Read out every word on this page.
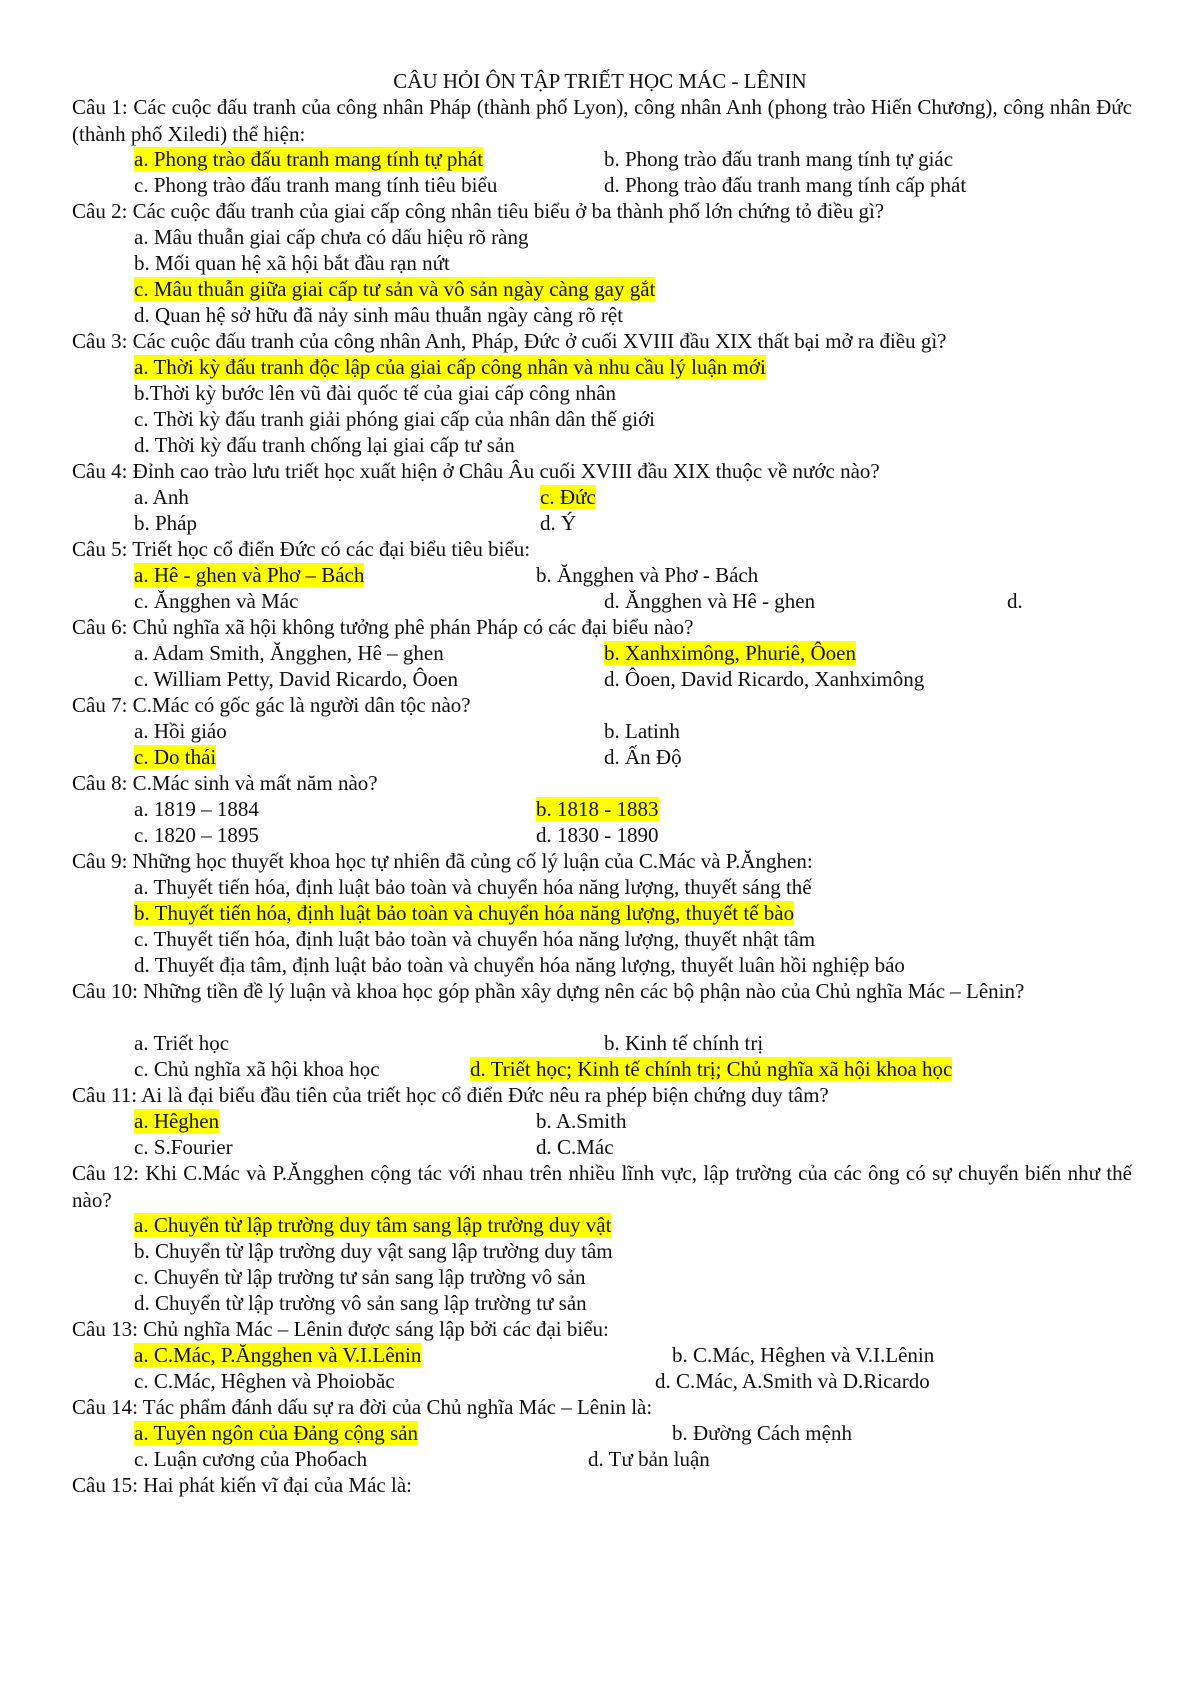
CÂU HỎI ÔN TẬP TRIẾT HỌC MÁC - LÊNIN
Câu 1: Các cuộc đấu tranh của công nhân Pháp (thành phố Lyon), công nhân Anh (phong trào Hiến Chương), công nhân Đức (thành phố Xiledi) thể hiện:
a. Phong trào đấu tranh mang tính tự phát	b. Phong trào đấu tranh mang tính tự giác
c. Phong trào đấu tranh mang tính tiêu biểu	d. Phong trào đấu tranh mang tính cấp phát
Câu 2: Các cuộc đấu tranh của giai cấp công nhân tiêu biểu ở ba thành phố lớn chứng tỏ điều gì?
a. Mâu thuẫn giai cấp chưa có dấu hiệu rõ ràng
b. Mối quan hệ xã hội bắt đầu rạn nứt
c. Mâu thuẫn giữa giai cấp tư sản và vô sản ngày càng gay gắt
d. Quan hệ sở hữu đã nảy sinh mâu thuẫn ngày càng rõ rệt
Câu 3: Các cuộc đấu tranh của công nhân Anh, Pháp, Đức ở cuối XVIII đầu XIX thất bại mở ra điều gì?
a. Thời kỳ đấu tranh độc lập của giai cấp công nhân và nhu cầu lý luận mới
b.Thời kỳ bước lên vũ đài quốc tế của giai cấp công nhân
c. Thời kỳ đấu tranh giải phóng giai cấp của nhân dân thế giới
d. Thời kỳ đấu tranh chống lại giai cấp tư sản
Câu 4: Đỉnh cao trào lưu triết học xuất hiện ở Châu Âu cuối XVIII đầu XIX thuộc về nước nào?
a. Anh	c. Đức
b. Pháp	d. Ý
Câu 5: Triết học cổ điển Đức có các đại biểu tiêu biểu:
a. Hê - ghen và Phơ – Bách	b. Ăngghen và Phơ - Bách
c. Ăngghen và Mác	d. Ăngghen và Hê - ghen	d.
Câu 6: Chủ nghĩa xã hội không tưởng phê phán Pháp có các đại biểu nào?
a. Adam Smith, Ăngghen, Hê – ghen	b. Xanhximông, Phuriê, Ôoen
c. William Petty, David Ricardo, Ôoen	d. Ôoen, David Ricardo, Xanhximông
Câu 7: C.Mác có gốc gác là người dân tộc nào?
a. Hồi giáo	b. Latinh
c. Do thái	d. Ấn Độ
Câu 8: C.Mác sinh và mất năm nào?
a. 1819 – 1884	b. 1818 - 1883
c. 1820 – 1895	d. 1830 - 1890
Câu 9: Những học thuyết khoa học tự nhiên đã củng cố lý luận của C.Mác và P.Ănghen:
a. Thuyết tiến hóa, định luật bảo toàn và chuyển hóa năng lượng, thuyết sáng thế
b. Thuyết tiến hóa, định luật bảo toàn và chuyển hóa năng lượng, thuyết tế bào
c. Thuyết tiến hóa, định luật bảo toàn và chuyển hóa năng lượng, thuyết nhật tâm
d. Thuyết địa tâm, định luật bảo toàn và chuyển hóa năng lượng, thuyết luân hồi nghiệp báo
Câu 10: Những tiền đề lý luận và khoa học góp phần xây dựng nên các bộ phận nào của Chủ nghĩa Mác – Lênin?
a. Triết học	b. Kinh tế chính trị
c. Chủ nghĩa xã hội khoa học	d. Triết học; Kinh tế chính trị; Chủ nghĩa xã hội khoa học
Câu 11: Ai là đại biểu đầu tiên của triết học cổ điển Đức nêu ra phép biện chứng duy tâm?
a. Hêghen	b. A.Smith
c. S.Fourier	d. C.Mác
Câu 12: Khi C.Mác và P.Ăngghen cộng tác với nhau trên nhiều lĩnh vực, lập trường của các ông có sự chuyển biến như thế nào?
a. Chuyển từ lập trường duy tâm sang lập trường duy vật
b. Chuyển từ lập trường duy vật sang lập trường duy tâm
c. Chuyển từ lập trường tư sản sang lập trường vô sản
d. Chuyển từ lập trường vô sản sang lập trường tư sản
Câu 13: Chủ nghĩa Mác – Lênin được sáng lập bởi các đại biểu:
a. C.Mác, P.Ăngghen và V.I.Lênin	b. C.Mác, Hêghen và V.I.Lênin
c. C.Mác, Hêghen và Phoiobăc	d. C.Mác, A.Smith và D.Ricardo
Câu 14: Tác phẩm đánh dấu sự ra đời của Chủ nghĩa Mác – Lênin là:
a. Tuyên ngôn của Đảng cộng sản	b. Đường Cách mệnh
c. Luận cương của Phoбach	d. Tư bản luận
Câu 15: Hai phát kiến vĩ đại của Mác là:
